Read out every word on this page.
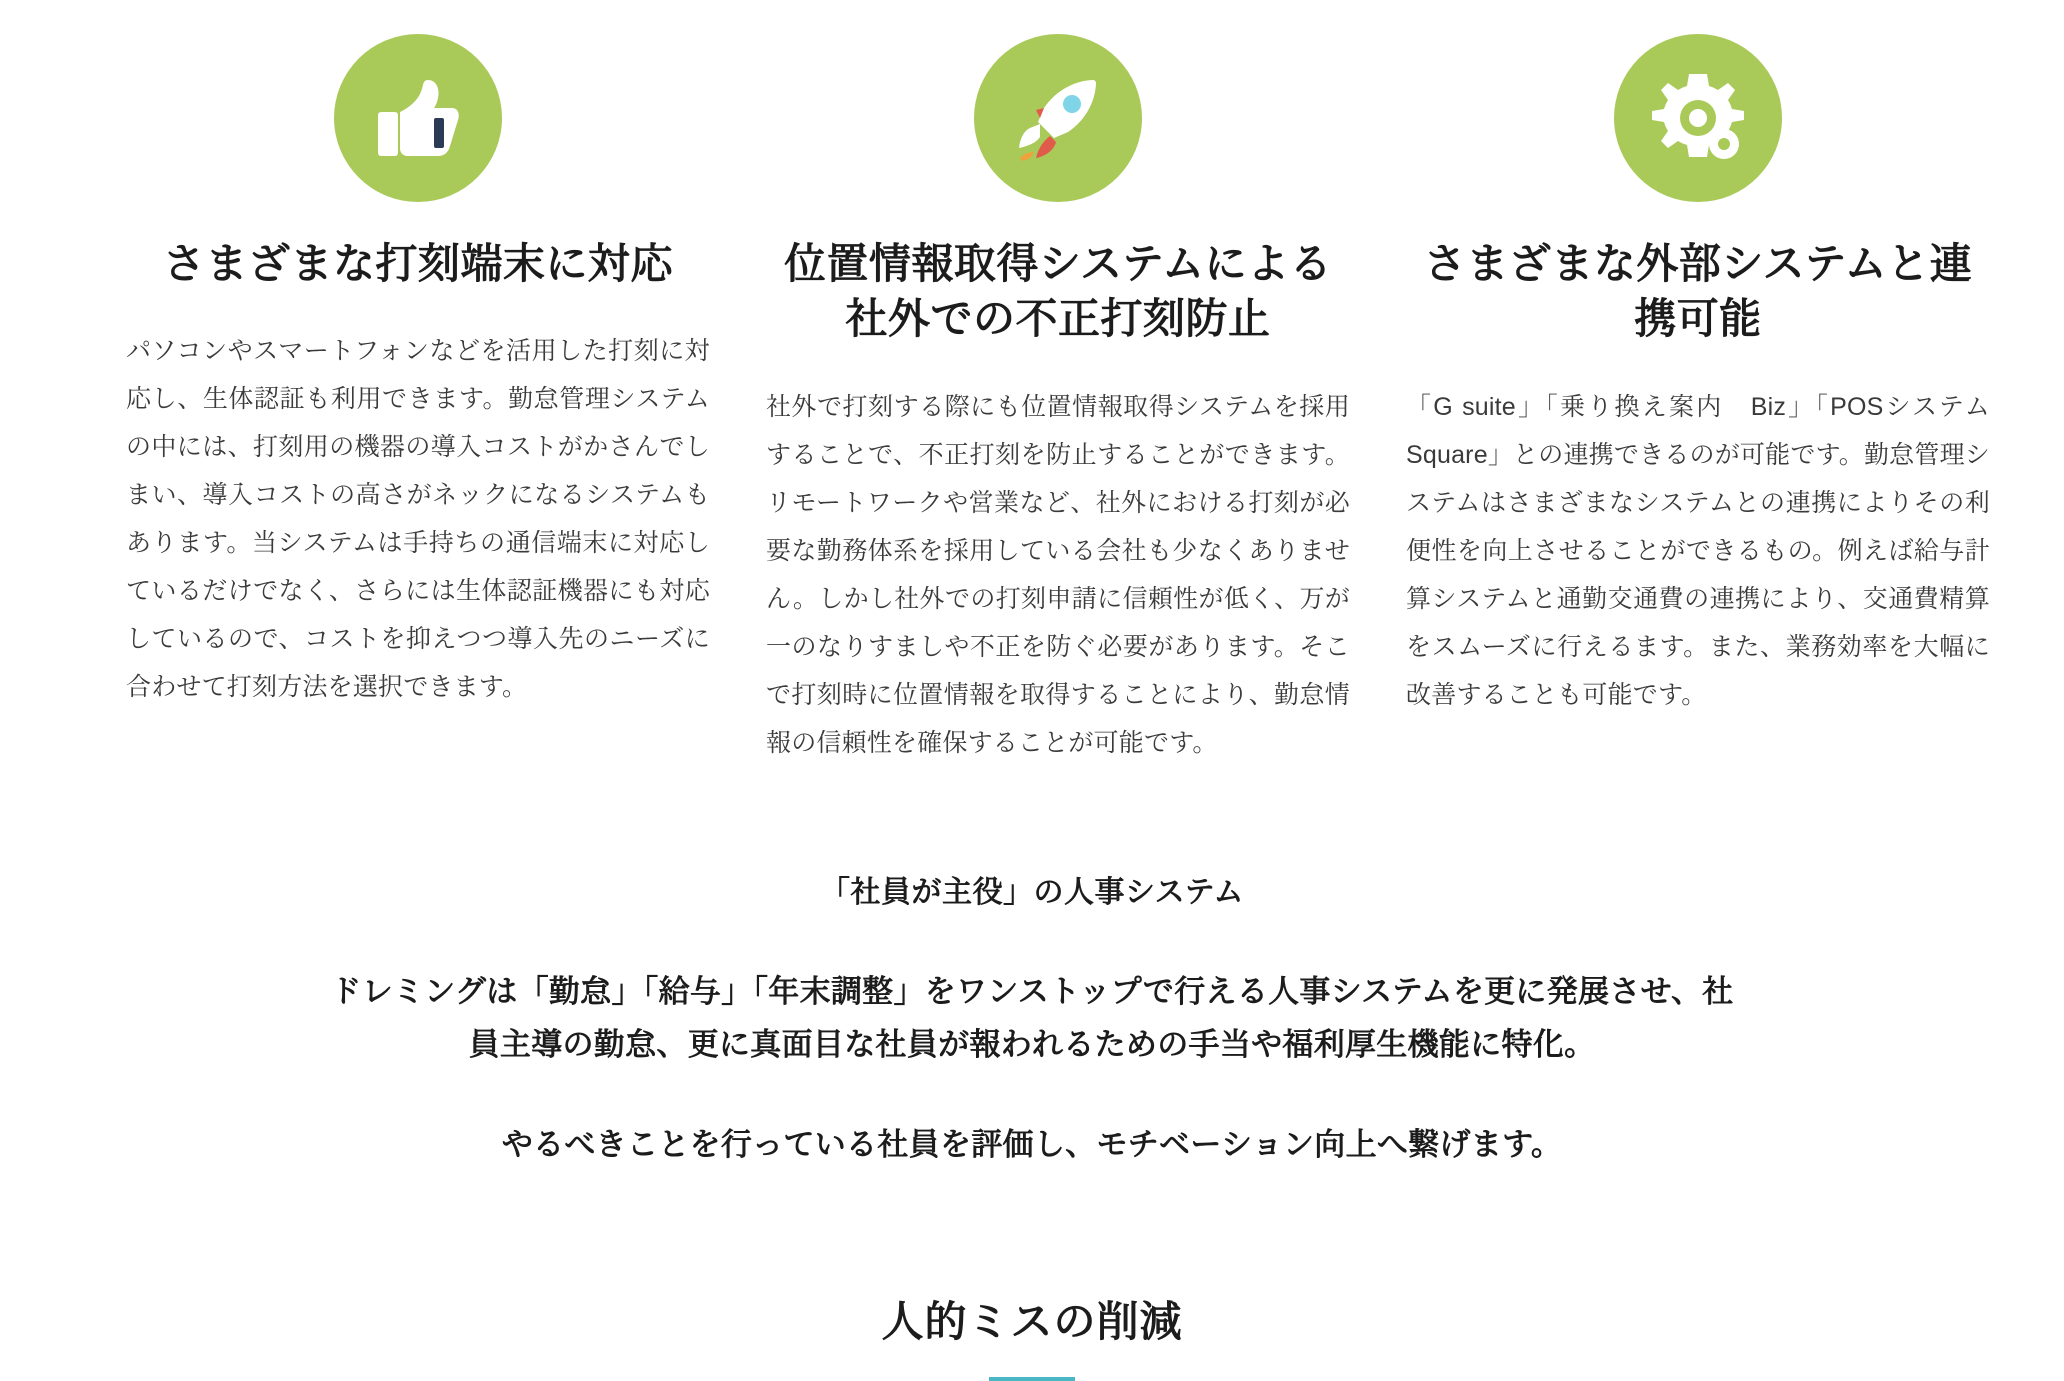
さまざまな打刻端末に対応

パソコンやスマートフォンなどを活用した打刻に対応し、生体認証も利用できます。勤怠管理システムの中には、打刻用の機器の導入コストがかさんでしまい、導入コストの高さがネックになるシステムもあります。当システムは手持ちの通信端末に対応しているだけでなく、さらには生体認証機器にも対応しているので、コストを抑えつつ導入先のニーズに合わせて打刻方法を選択できます。

位置情報取得システムによる社外での不正打刻防止

社外で打刻する際にも位置情報取得システムを採用することで、不正打刻を防止することができます。リモートワークや営業など、社外における打刻が必要な勤務体系を採用している会社も少なくありません。しかし社外での打刻申請に信頼性が低く、万が一のなりすましや不正を防ぐ必要があります。そこで打刻時に位置情報を取得することにより、勤怠情報の信頼性を確保することが可能です。

さまざまな外部システムと連携可能

「G suite」「乗り換え案内　Biz」「POSシステムSquare」との連携できるのが可能です。勤怠管理システムはさまざまなシステムとの連携によりその利便性を向上させることができるもの。例えば給与計算システムと通勤交通費の連携により、交通費精算をスムーズに行えるます。また、業務効率を大幅に改善することも可能です。

「社員が主役」の人事システム
ドレミングは「勤怠」「給与」「年末調整」をワンストップで行える人事システムを更に発展させ、社員主導の勤怠、更に真面目な社員が報われるための手当や福利厚生機能に特化。
やるべきことを行っている社員を評価し、モチベーション向上へ繋げます。
人的ミスの削減
